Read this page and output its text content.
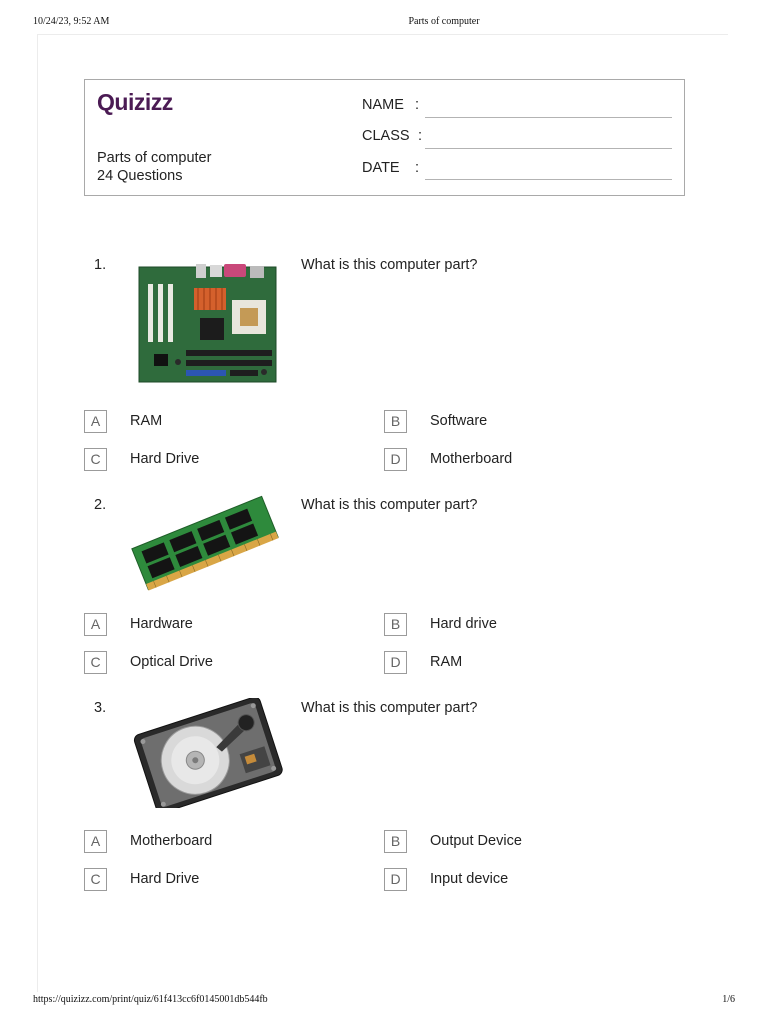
10/24/23, 9:52 AM	Parts of computer
Quizizz
Parts of computer
24 Questions
NAME :
CLASS :
DATE :
1.	What is this computer part?
A	RAM	B	Software
C	Hard Drive	D	Motherboard
2.	What is this computer part?
A	Hardware	B	Hard drive
C	Optical Drive	D	RAM
3.	What is this computer part?
A	Motherboard	B	Output Device
C	Hard Drive	D	Input device
https://quizizz.com/print/quiz/61f413cc6f0145001db544fb	1/6
